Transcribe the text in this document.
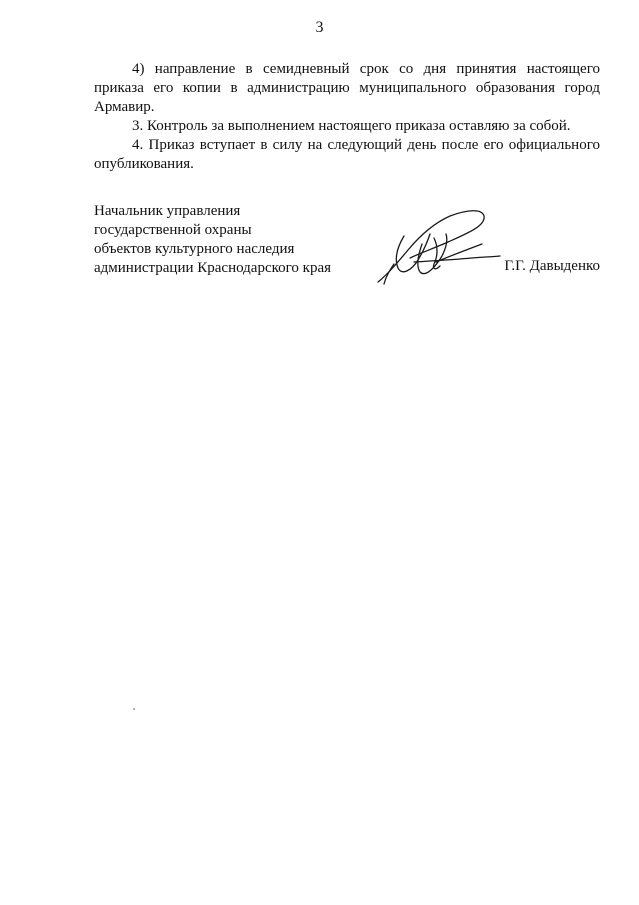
3

4) направление в семидневный срок со дня принятия настоящего приказа его копии в администрацию муниципального образования город Армавир.

3. Контроль за выполнением настоящего приказа оставляю за собой.

4. Приказ вступает в силу на следующий день после его официального опубликования.

Начальник управления
государственной охраны
объектов культурного наследия
администрации Краснодарского края	Г.Г. Давыденко
